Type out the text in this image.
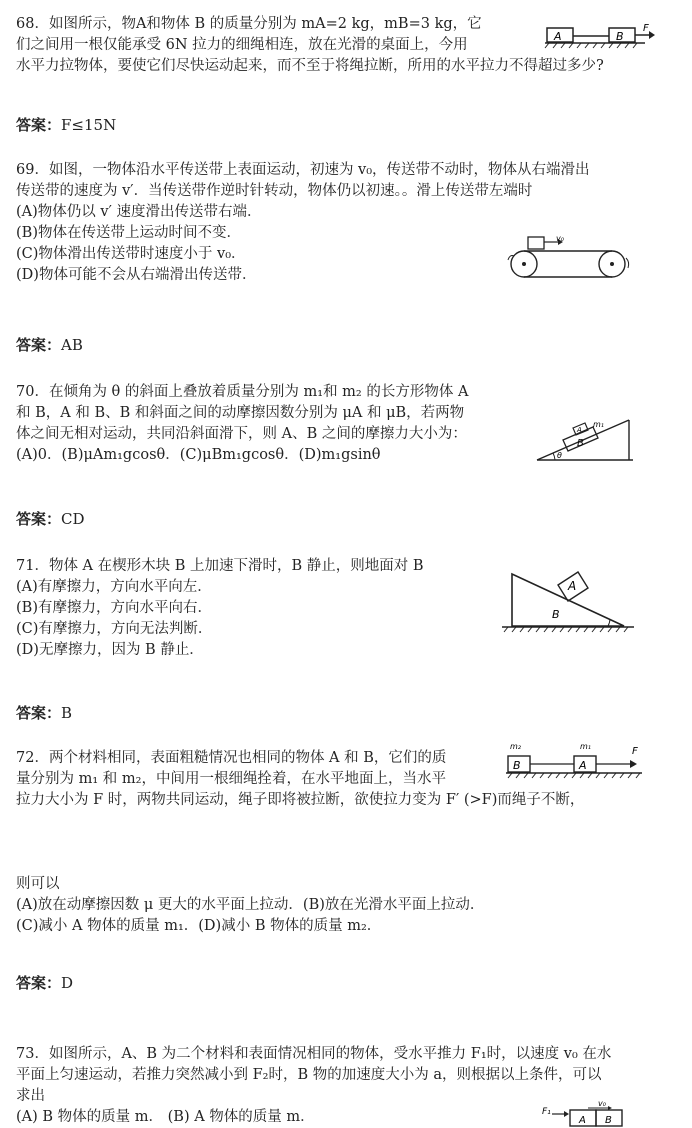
68．如图所示，物A和物体 B 的质量分别为 mA=2 kg，mB=3 kg，它
们之间用一根仅能承受 6N 拉力的细绳相连，放在光滑的桌面上，今用
水平力拉物体，要使它们尽快运动起来，而不至于将绳拉断，所用的水平拉力不得超过多少?
A	B
F
答案：F≤15N
69．如图，一物体沿水平传送带上表面运动，初速为 v₀，传送带不动时，物体从右端滑出
传送带的速度为 v′．当传送带作逆时针转动，物体仍以初速。。滑上传送带左端时
(A)物体仍以 v′ 速度滑出传送带右端．
(B)物体在传送带上运动时间不变．
(C)物体滑出传送带时速度小于 v₀．
(D)物体可能不会从右端滑出传送带．
v₀
答案：AB
70．在倾角为 θ 的斜面上叠放着质量分别为 m₁和 m₂ 的长方形物体 A
和 B，A 和 B、B 和斜面之间的动摩擦因数分别为 μA 和 μB，若两物
体之间无相对运动，共同沿斜面滑下，则 A、B 之间的摩擦力大小为：
(A)0．(B)μAm₁gcosθ．(C)μBm₁gcosθ．(D)m₁gsinθ
B
A
m₁
θ
答案：CD
71．物体 A 在楔形木块 B 上加速下滑时，B 静止，则地面对 B
(A)有摩擦力，方向水平向左．
(B)有摩擦力，方向水平向右．
(C)有摩擦力，方向无法判断．
(D)无摩擦力，因为 B 静止．
A
B
答案：B
72．两个材料相同，表面粗糙情况也相同的物体 A 和 B，它们的质
量分别为 m₁ 和 m₂，中间用一根细绳拴着，在水平地面上，当水平
拉力大小为 F 时，两物共同运动，绳子即将被拉断，欲使拉力变为 F′ (>F)而绳子不断，
m₂	m₁
B	A
F
则可以
(A)放在动摩擦因数 μ 更大的水平面上拉动．(B)放在光滑水平面上拉动．
(C)减小 A 物体的质量 m₁．(D)减小 B 物体的质量 m₂．
答案：D
73．如图所示，A、B 为二个材料和表面情况相同的物体，受水平推力 F₁时，以速度 v₀ 在水
平面上匀速运动，若推力突然减小到 F₂时，B 物的加速度大小为 a，则根据以上条件，可以
求出
(A) B 物体的质量 m． (B) A 物体的质量 m．	F₁
v₀
A B
